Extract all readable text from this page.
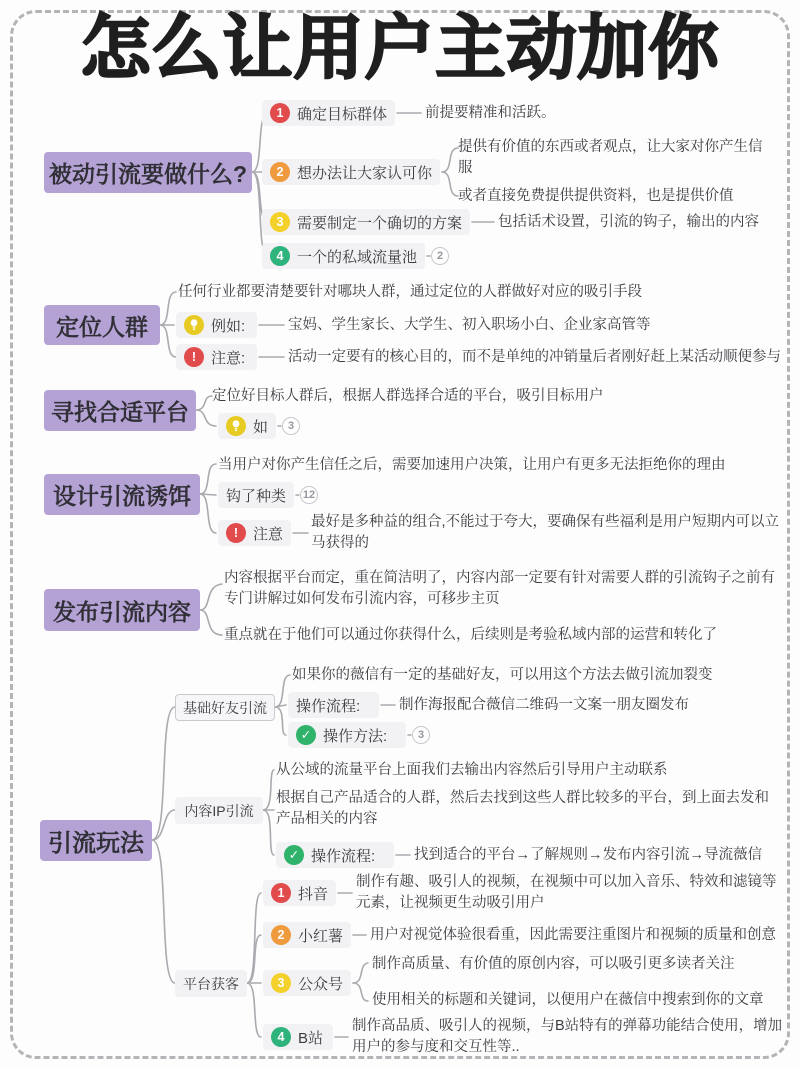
怎么让用户主动加你
被动引流要做什么?
1 确定目标群体	前提要精准和活跃。
2 想办法让大家认可你
提供有价值的东西或者观点，让大家对你产生信服
或者直接免费提供提供资料，也是提供价值
3 需要制定一个确切的方案 包括话术设置，引流的钩子，输出的内容
4 一个的私域流量池	2
定位人群
任何行业都要清楚要针对哪块人群，通过定位的人群做好对应的吸引手段
例如:	宝妈、学生家长、大学生、初入职场小白、企业家高管等
! 注意:	活动一定要有的核心目的，而不是单纯的冲销量后者刚好赶上某活动顺便参与
寻找合适平台
定位好目标人群后，根据人群选择合适的平台，吸引目标用户
如	3
设计引流诱饵
当用户对你产生信任之后，需要加速用户决策，让用户有更多无法拒绝你的理由
钩了种类 12
! 注意
最好是多种益的组合,不能过于夸大，要确保有些福利是用户短期内可以立马获得的
发布引流内容
内容根据平台而定，重在简洁明了，内容内部一定要有针对需要人群的引流钩子之前有专门讲解过如何发布引流内容，可移步主页
重点就在于他们可以通过你获得什么，后续则是考验私域内部的运营和转化了
引流玩法
基础好友引流
如果你的薇信有一定的基础好友，可以用这个方法去做引流加裂变
操作流程:	制作海报配合薇信二维码一文案一朋友圈发布
✓ 操作方法:	3
内容IP引流
从公域的流量平台上面我们去输出内容然后引导用户主动联系
根据自己产品适合的人群，然后去找到这些人群比较多的平台，到上面去发和产品相关的内容
✓ 操作流程:	找到适合的平台→了解规则→发布内容引流→导流薇信
平台获客
1 抖音
制作有趣、吸引人的视频，在视频中可以加入音乐、特效和滤镜等元素，让视频更生动吸引用户
2 小红薯 用户对视觉体验很看重，因此需要注重图片和视频的质量和创意
3 公众号
制作高质量、有价值的原创内容，可以吸引更多读者关注
使用相关的标题和关键词，以便用户在薇信中搜索到你的文章
4 B站
制作高品质、吸引人的视频，与B站特有的弹幕功能结合使用，增加用户的参与度和交互性等..
